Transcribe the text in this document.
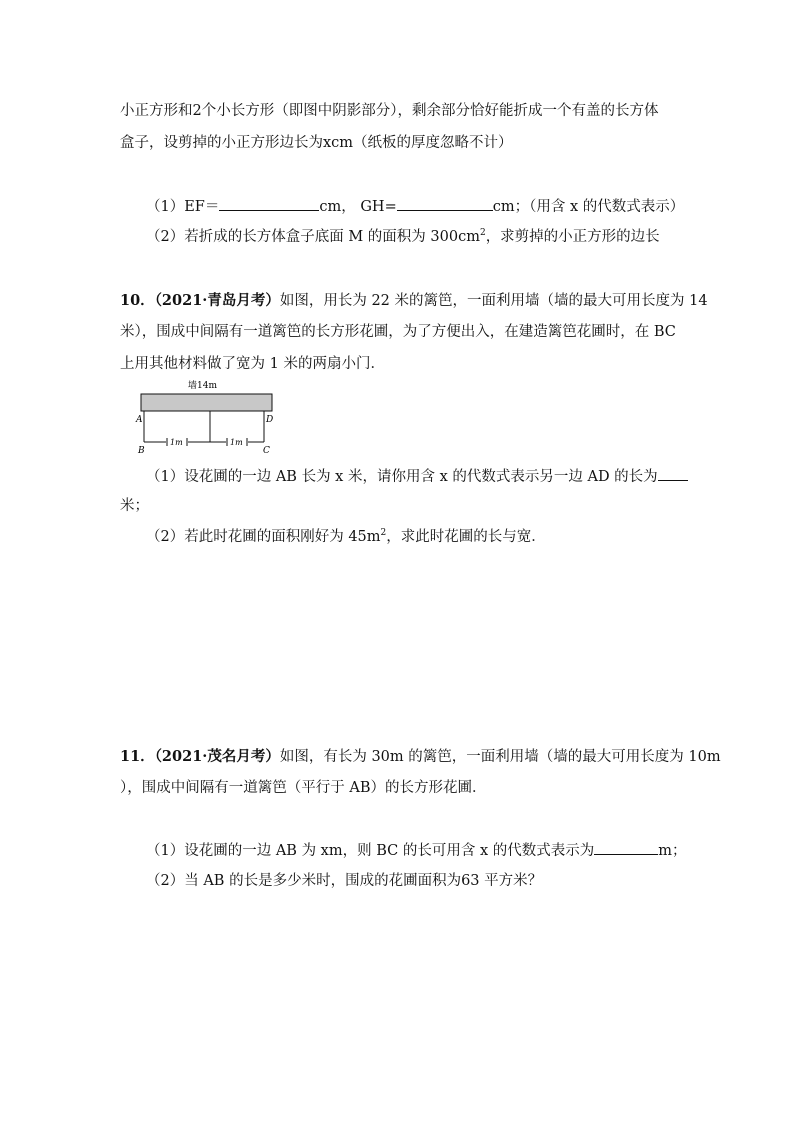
小正方形和2个小长方形（即图中阴影部分），剩余部分恰好能折成一个有盖的长方体
盒子，设剪掉的小正方形边长为xcm（纸板的厚度忽略不计）
（1）EF＝	cm， GH=	cm；（用含 x 的代数式表示）
（2）若折成的长方体盒子底面 M 的面积为 $300cm^2$，求剪掉的小正方形的边长
10．（2021·青岛月考）如图，用长为 22 米的篱笆，一面利用墙（墙的最大可用长度为 14
米），围成中间隔有一道篱笆的长方形花圃，为了方便出入，在建造篱笆花圃时，在 BC
上用其他材料做了宽为 1 米的两扇小门．
墙14m
1m	1m
A	D
B	C
（1）设花圃的一边 AB 长为 x 米，请你用含 x 的代数式表示另一边 AD 的长为
米；
（2）若此时花圃的面积刚好为 $45m^2$，求此时花圃的长与宽．
11．（2021·茂名月考）如图，有长为 30m 的篱笆，一面利用墙（墙的最大可用长度为 10m
），围成中间隔有一道篱笆（平行于 AB）的长方形花圃．
（1）设花圃的一边 AB 为 xm，则 BC 的长可用含 x 的代数式表示为	m；
（2）当 AB 的长是多少米时，围成的花圃面积为63 平方米？
